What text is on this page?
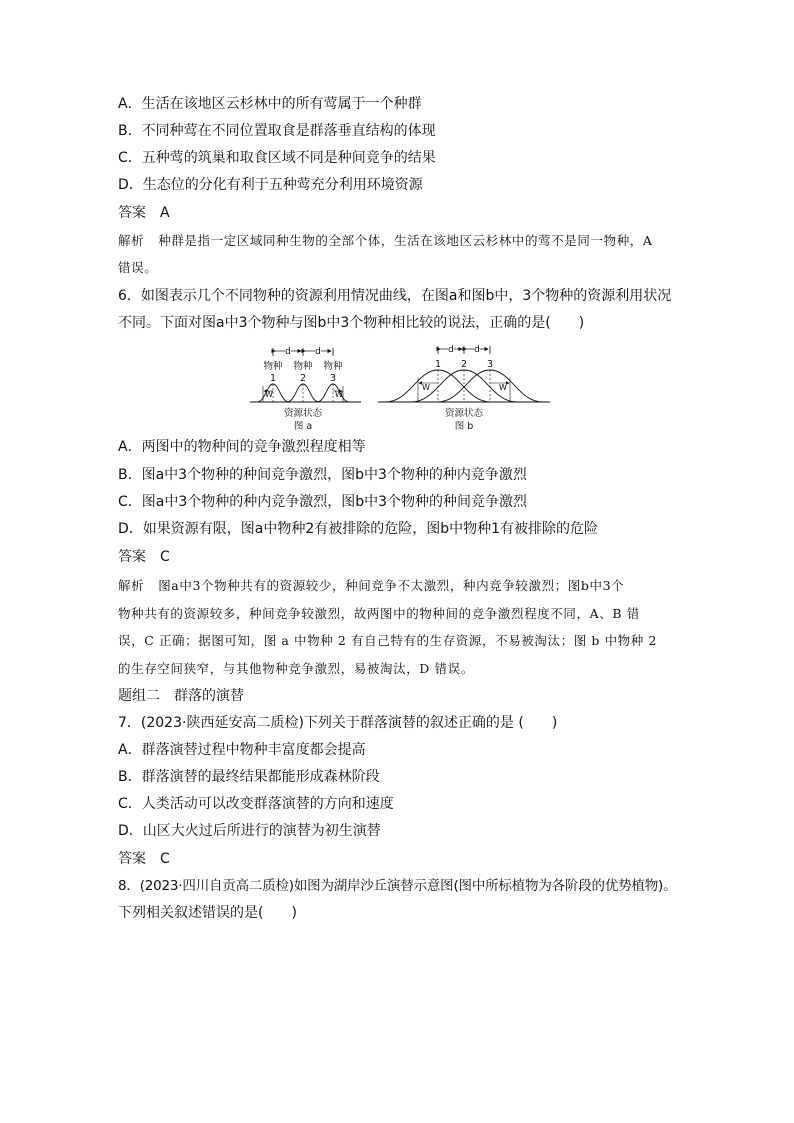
A．生活在该地区云杉林中的所有莺属于一个种群
B．不同种莺在不同位置取食是群落垂直结构的体现
C．五种莺的筑巢和取食区域不同是种间竞争的结果
D．生态位的分化有利于五种莺充分利用环境资源
答案 A
解析 种群是指一定区域同种生物的全部个体，生活在该地区云杉林中的莺不是同一物种，A
错误。
6．如图表示几个不同物种的资源利用情况曲线，在图a和图b中，3个物种的资源利用状况
不同。下面对图a中3个物种与图b中3个物种相比较的说法，正确的是(　　)
d	d
物种 物种 物种
1	2	3
W	W
资源状态
图 a
d d
1 2 3
W	W
资源状态
图 b
A．两图中的物种间的竞争激烈程度相等
B．图a中3个物种的种间竞争激烈，图b中3个物种的种内竞争激烈
C．图a中3个物种的种内竞争激烈，图b中3个物种的种间竞争激烈
D．如果资源有限，图a中物种2有被排除的危险，图b中物种1有被排除的危险
答案 C
解析 图a中3个物种共有的资源较少，种间竞争不太激烈，种内竞争较激烈；图b中3个
物种共有的资源较多，种间竞争较激烈，故两图中的物种间的竞争激烈程度不同，A、B 错
误，C 正确；据图可知，图 a 中物种 2 有自己特有的生存资源，不易被淘汰；图 b 中物种 2
的生存空间狭窄，与其他物种竞争激烈，易被淘汰，D 错误。
题组二　群落的演替
7．(2023·陕西延安高二质检)下列关于群落演替的叙述正确的是 (　　)
A．群落演替过程中物种丰富度都会提高
B．群落演替的最终结果都能形成森林阶段
C．人类活动可以改变群落演替的方向和速度
D．山区大火过后所进行的演替为初生演替
答案 C
8．(2023·四川自贡高二质检)如图为湖岸沙丘演替示意图(图中所标植物为各阶段的优势植物)。
下列相关叙述错误的是(　　)
